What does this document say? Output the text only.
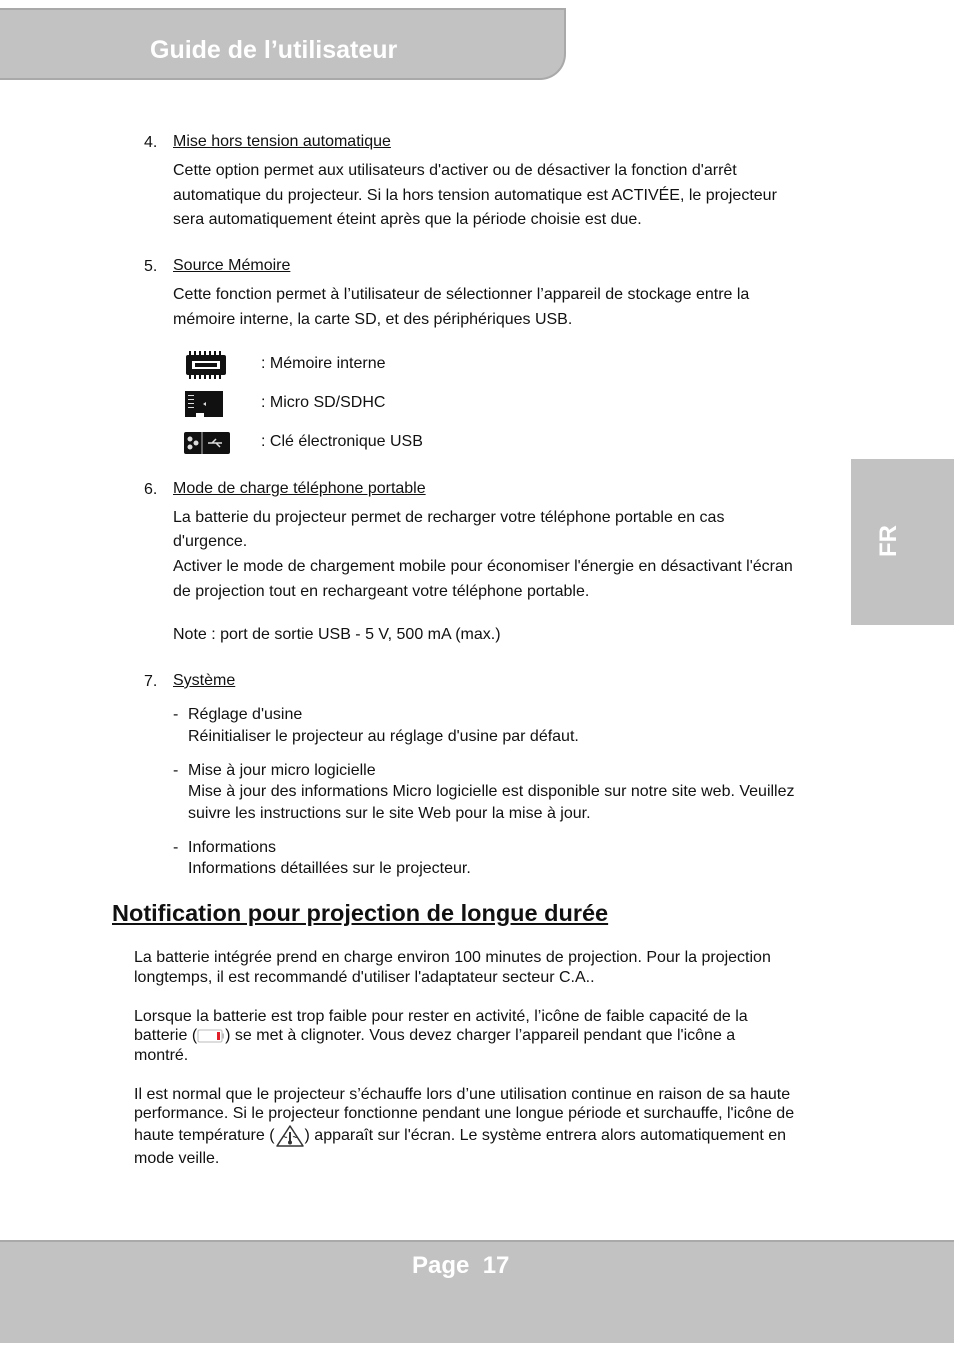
Guide de l’utilisateur
FR
4. Mise hors tension automatique
Cette option permet aux utilisateurs d'activer ou de désactiver la fonction d'arrêt
automatique du projecteur. Si la hors tension automatique est ACTIVÉE, le projecteur
sera automatiquement éteint après que la période choisie est due.
5. Source Mémoire
Cette fonction permet à l’utilisateur de sélectionner l’appareil de stockage entre la
mémoire interne, la carte SD, et des périphériques USB.
: Mémoire interne
: Micro SD/SDHC
: Clé électronique USB
6. Mode de charge téléphone portable
La batterie du projecteur permet de recharger votre téléphone portable en cas
d'urgence.
Activer le mode de chargement mobile pour économiser l'énergie en désactivant l'écran
de projection tout en rechargeant votre téléphone portable.
Note : port de sortie USB - 5 V, 500 mA (max.)
7. Système
- Réglage d'usine
Réinitialiser le projecteur au réglage d'usine par défaut.
- Mise à jour micro logicielle
Mise à jour des informations Micro logicielle est disponible sur notre site web. Veuillez
suivre les instructions sur le site Web pour la mise à jour.
- Informations
Informations détaillées sur le projecteur.
Notification pour projection de longue durée
La batterie intégrée prend en charge environ 100 minutes de projection. Pour la projection
longtemps, il est recommandé d'utiliser l'adaptateur secteur C.A..
Lorsque la batterie est trop faible pour rester en activité, l’icône de faible capacité de la
batterie ( ) se met à clignoter. Vous devez charger l’appareil pendant que l'icône a
montré.
Il est normal que le projecteur s’échauffe lors d’une utilisation continue en raison de sa haute
performance. Si le projecteur fonctionne pendant une longue période et surchauffe, l'icône de
haute température ( ) apparaît sur l'écran. Le système entrera alors automatiquement en
mode veille.
Page  17
